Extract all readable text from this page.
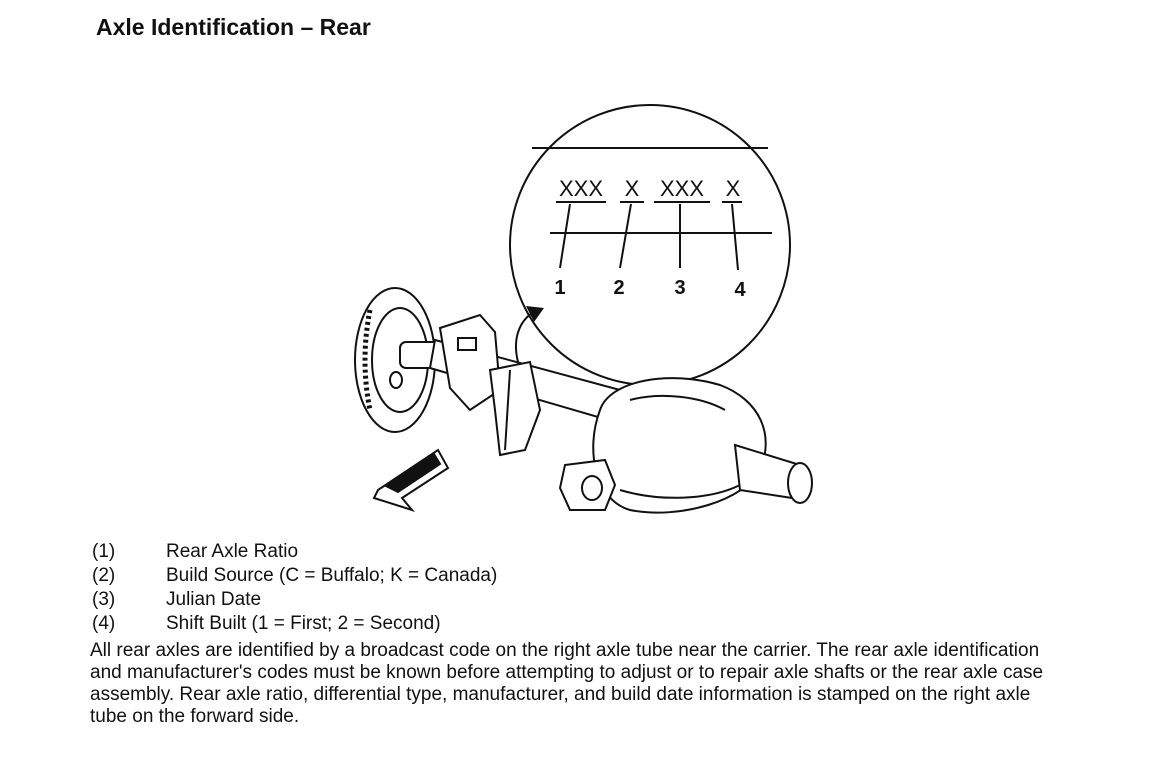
Axle Identification – Rear
XXX X XXX X
1 2 3 4
(1)	Rear Axle Ratio
(2)	Build Source (C = Buffalo; K = Canada)
(3)	Julian Date
(4)	Shift Built (1 = First; 2 = Second)

All rear axles are identified by a broadcast code on the right axle tube near the carrier. The rear axle identification and manufacturer's codes must be known before attempting to adjust or to repair axle shafts or the rear axle case assembly. Rear axle ratio, differential type, manufacturer, and build date information is stamped on the right axle tube on the forward side.
